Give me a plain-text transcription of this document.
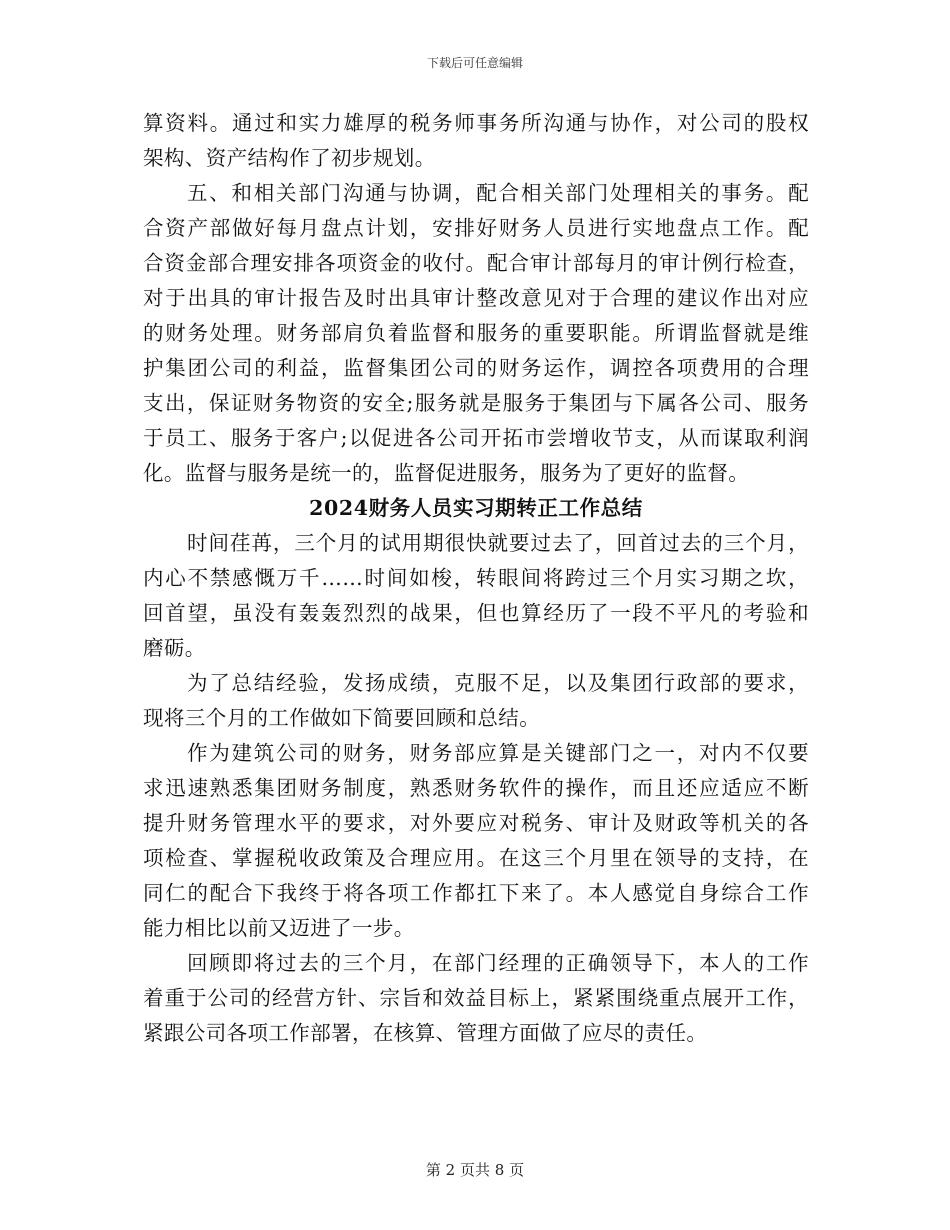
下载后可任意编辑
算资料。通过和实力雄厚的税务师事务所沟通与协作，对公司的股权
架构、资产结构作了初步规划。
五、和相关部门沟通与协调，配合相关部门处理相关的事务。配
合资产部做好每月盘点计划，安排好财务人员进行实地盘点工作。配
合资金部合理安排各项资金的收付。配合审计部每月的审计例行检查，
对于出具的审计报告及时出具审计整改意见对于合理的建议作出对应
的财务处理。财务部肩负着监督和服务的重要职能。所谓监督就是维
护集团公司的利益，监督集团公司的财务运作，调控各项费用的合理
支出，保证财务物资的安全;服务就是服务于集团与下属各公司、服务
于员工、服务于客户;以促进各公司开拓市尝增收节支，从而谋取利润
化。监督与服务是统一的，监督促进服务，服务为了更好的监督。
2024财务人员实习期转正工作总结
时间荏苒，三个月的试用期很快就要过去了，回首过去的三个月，
内心不禁感慨万千……时间如梭，转眼间将跨过三个月实习期之坎，
回首望，虽没有轰轰烈烈的战果，但也算经历了一段不平凡的考验和
磨砺。
为了总结经验，发扬成绩，克服不足，以及集团行政部的要求，
现将三个月的工作做如下简要回顾和总结。
作为建筑公司的财务，财务部应算是关键部门之一，对内不仅要
求迅速熟悉集团财务制度，熟悉财务软件的操作，而且还应适应不断
提升财务管理水平的要求，对外要应对税务、审计及财政等机关的各
项检查、掌握税收政策及合理应用。在这三个月里在领导的支持，在
同仁的配合下我终于将各项工作都扛下来了。本人感觉自身综合工作
能力相比以前又迈进了一步。
回顾即将过去的三个月，在部门经理的正确领导下，本人的工作
着重于公司的经营方针、宗旨和效益目标上，紧紧围绕重点展开工作，
紧跟公司各项工作部署，在核算、管理方面做了应尽的责任。
第 2 页共 8 页
